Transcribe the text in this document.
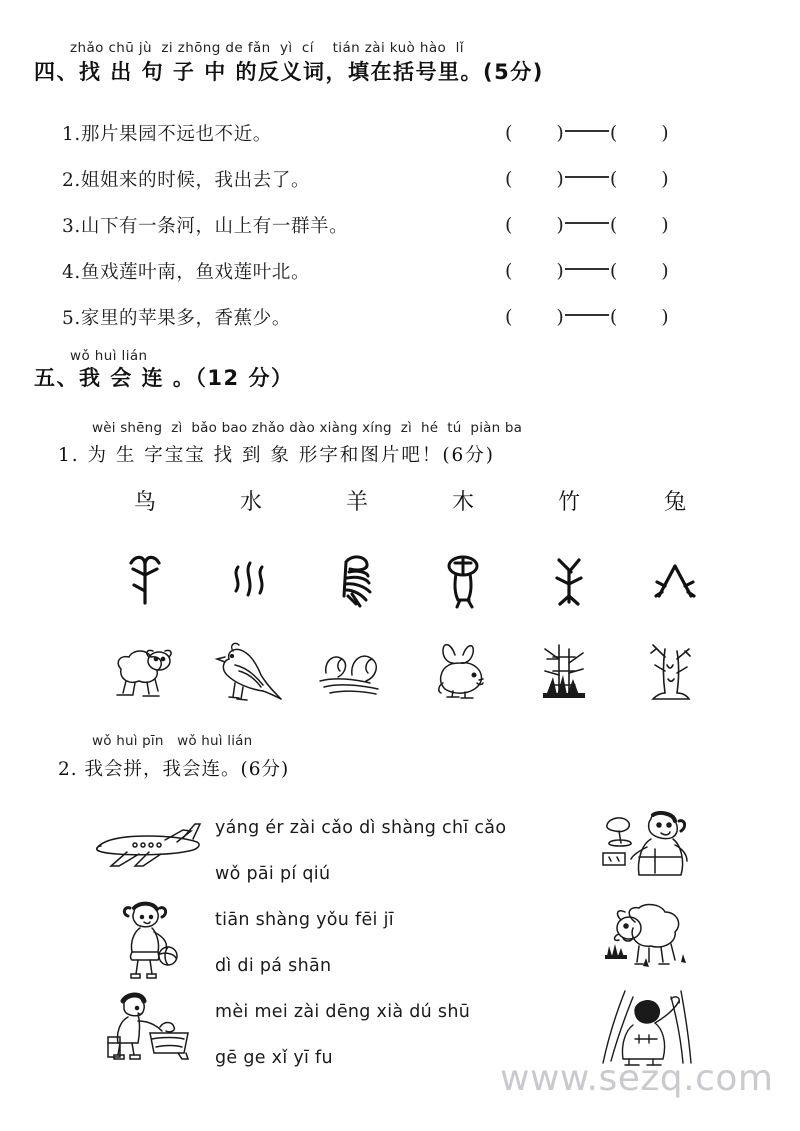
zhǎo chū jù  zi zhōng de fǎn  yì  cí    tián zài kuò hào  lǐ
四、找 出 句 子 中 的反义词，填在括号里。(5分)
1.那片果园不远也不近。	( ) ( )
2.姐姐来的时候，我出去了。	( ) ( )
3.山下有一条河，山上有一群羊。	( ) ( )
4.鱼戏莲叶南，鱼戏莲叶北。	( ) ( )
5.家里的苹果多，香蕉少。	( ) ( )
wǒ huì lián
五、我 会 连 。（12 分）
wèi shēng  zì  bǎo bao zhǎo dào xiàng xíng  zì  hé  tú  piàn ba
1. 为 生 字宝宝 找 到 象 形字和图片吧！(6分)
鸟	水	羊	木	竹	兔
wǒ huì pīn   wǒ huì lián
2. 我会拼，我会连。(6分)
yáng ér zài cǎo dì shàng chī cǎo
wǒ pāi pí qiú
tiān shàng yǒu fēi jī
dì di pá shān
mèi mei zài dēng xià dú shū
gē ge xǐ yī fu	www.sezq.com
